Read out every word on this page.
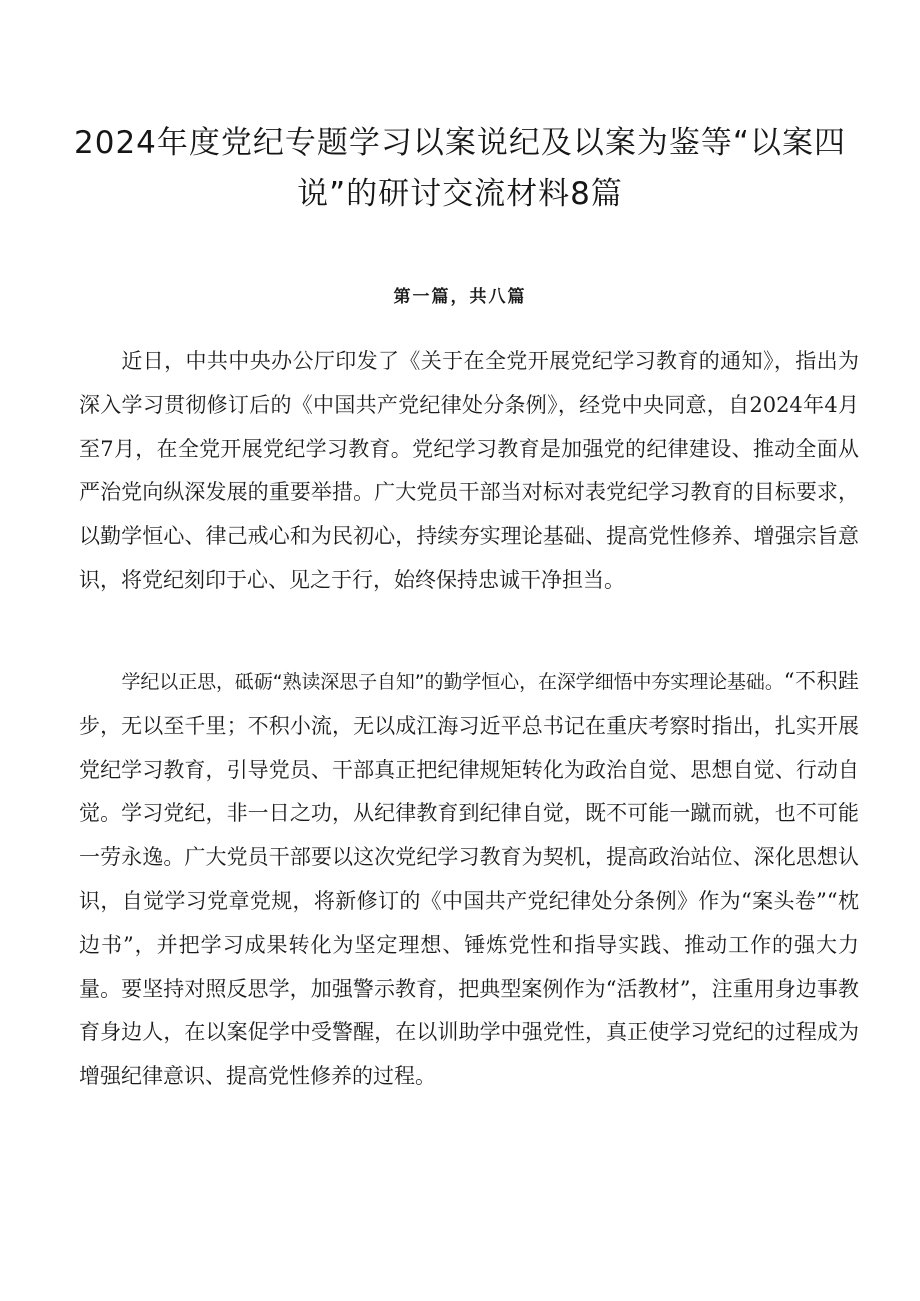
2024年度党纪专题学习以案说纪及以案为鉴等“以案四说”的研讨交流材料8篇
第一篇，共八篇

近日，中共中央办公厅印发了《关于在全党开展党纪学习教育的通知》，指出为深入学习贯彻修订后的《中国共产党纪律处分条例》，经党中央同意，自2024年4月至7月，在全党开展党纪学习教育。党纪学习教育是加强党的纪律建设、推动全面从严治党向纵深发展的重要举措。广大党员干部当对标对表党纪学习教育的目标要求，以勤学恒心、律己戒心和为民初心，持续夯实理论基础、提高党性修养、增强宗旨意识，将党纪刻印于心、见之于行，始终保持忠诚干净担当。

学纪以正思，砥砺“熟读深思子自知”的勤学恒心，在深学细悟中夯实理论基础。“不积跬步，无以至千里；不积小流，无以成江海习近平总书记在重庆考察时指出，扎实开展党纪学习教育，引导党员、干部真正把纪律规矩转化为政治自觉、思想自觉、行动自觉。学习党纪，非一日之功，从纪律教育到纪律自觉，既不可能一蹴而就，也不可能一劳永逸。广大党员干部要以这次党纪学习教育为契机，提高政治站位、深化思想认识，自觉学习党章党规，将新修订的《中国共产党纪律处分条例》作为“案头卷”“枕边书”，并把学习成果转化为坚定理想、锤炼党性和指导实践、推动工作的强大力量。要坚持对照反思学，加强警示教育，把典型案例作为“活教材”，注重用身边事教育身边人，在以案促学中受警醒，在以训助学中强党性，真正使学习党纪的过程成为增强纪律意识、提高党性修养的过程。
